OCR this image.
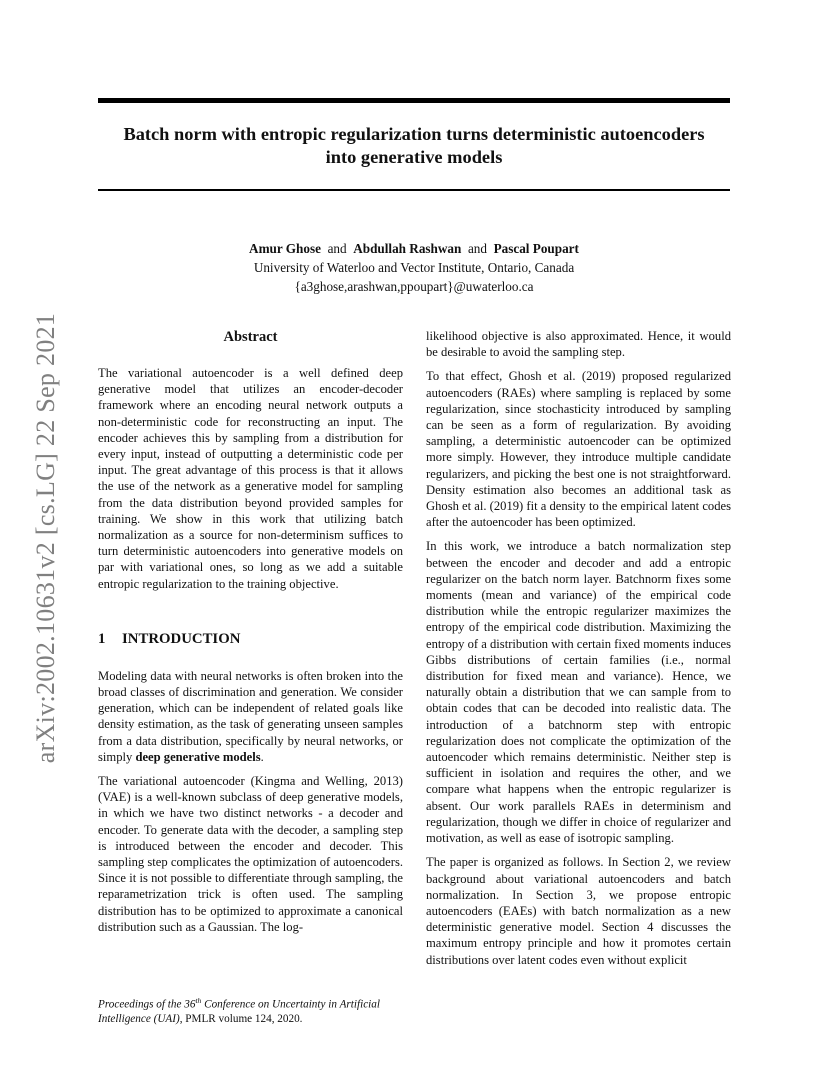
Batch norm with entropic regularization turns deterministic autoencoders
into generative models
Amur Ghose and Abdullah Rashwan and Pascal Poupart
University of Waterloo and Vector Institute, Ontario, Canada
{a3ghose,arashwan,ppoupart}@uwaterloo.ca
arXiv:2002.10631v2 [cs.LG] 22 Sep 2021	Abstract

The variational autoencoder is a well defined deep generative model that utilizes an encoder-decoder framework where an encoding neural network outputs a non-deterministic code for reconstructing an input. The encoder achieves this by sampling from a distribution for every input, instead of outputting a deterministic code per input. The great advantage of this process is that it allows the use of the network as a generative model for sampling from the data distribution beyond provided samples for training. We show in this work that utilizing batch normalization as a source for non-determinism suffices to turn deterministic autoencoders into generative models on par with variational ones, so long as we add a suitable entropic regularization to the training objective.

1 INTRODUCTION

Modeling data with neural networks is often broken into the broad classes of discrimination and generation. We consider generation, which can be independent of related goals like density estimation, as the task of generating unseen samples from a data distribution, specifically by neural networks, or simply deep generative models.

The variational autoencoder (Kingma and Welling, 2013) (VAE) is a well-known subclass of deep generative models, in which we have two distinct networks - a decoder and encoder. To generate data with the decoder, a sampling step is introduced between the encoder and decoder. This sampling step complicates the optimization of autoencoders. Since it is not possible to differentiate through sampling, the reparametrization trick is often used. The sampling distribution has to be optimized to approximate a canonical distribution such as a Gaussian. The log-

likelihood objective is also approximated. Hence, it would be desirable to avoid the sampling step.

To that effect, Ghosh et al. (2019) proposed regularized autoencoders (RAEs) where sampling is replaced by some regularization, since stochasticity introduced by sampling can be seen as a form of regularization. By avoiding sampling, a deterministic autoencoder can be optimized more simply. However, they introduce multiple candidate regularizers, and picking the best one is not straightforward. Density estimation also becomes an additional task as Ghosh et al. (2019) fit a density to the empirical latent codes after the autoencoder has been optimized.

In this work, we introduce a batch normalization step between the encoder and decoder and add a entropic regularizer on the batch norm layer. Batchnorm fixes some moments (mean and variance) of the empirical code distribution while the entropic regularizer maximizes the entropy of the empirical code distribution. Maximizing the entropy of a distribution with certain fixed moments induces Gibbs distributions of certain families (i.e., normal distribution for fixed mean and variance). Hence, we naturally obtain a distribution that we can sample from to obtain codes that can be decoded into realistic data. The introduction of a batchnorm step with entropic regularization does not complicate the optimization of the autoencoder which remains deterministic. Neither step is sufficient in isolation and requires the other, and we compare what happens when the entropic regularizer is absent. Our work parallels RAEs in determinism and regularization, though we differ in choice of regularizer and motivation, as well as ease of isotropic sampling.

The paper is organized as follows. In Section 2, we review background about variational autoencoders and batch normalization. In Section 3, we propose entropic autoencoders (EAEs) with batch normalization as a new deterministic generative model. Section 4 discusses the maximum entropy principle and how it promotes certain distributions over latent codes even without explicit

Proceedings of the 36th Conference on Uncertainty in Artificial Intelligence (UAI), PMLR volume 124, 2020.
